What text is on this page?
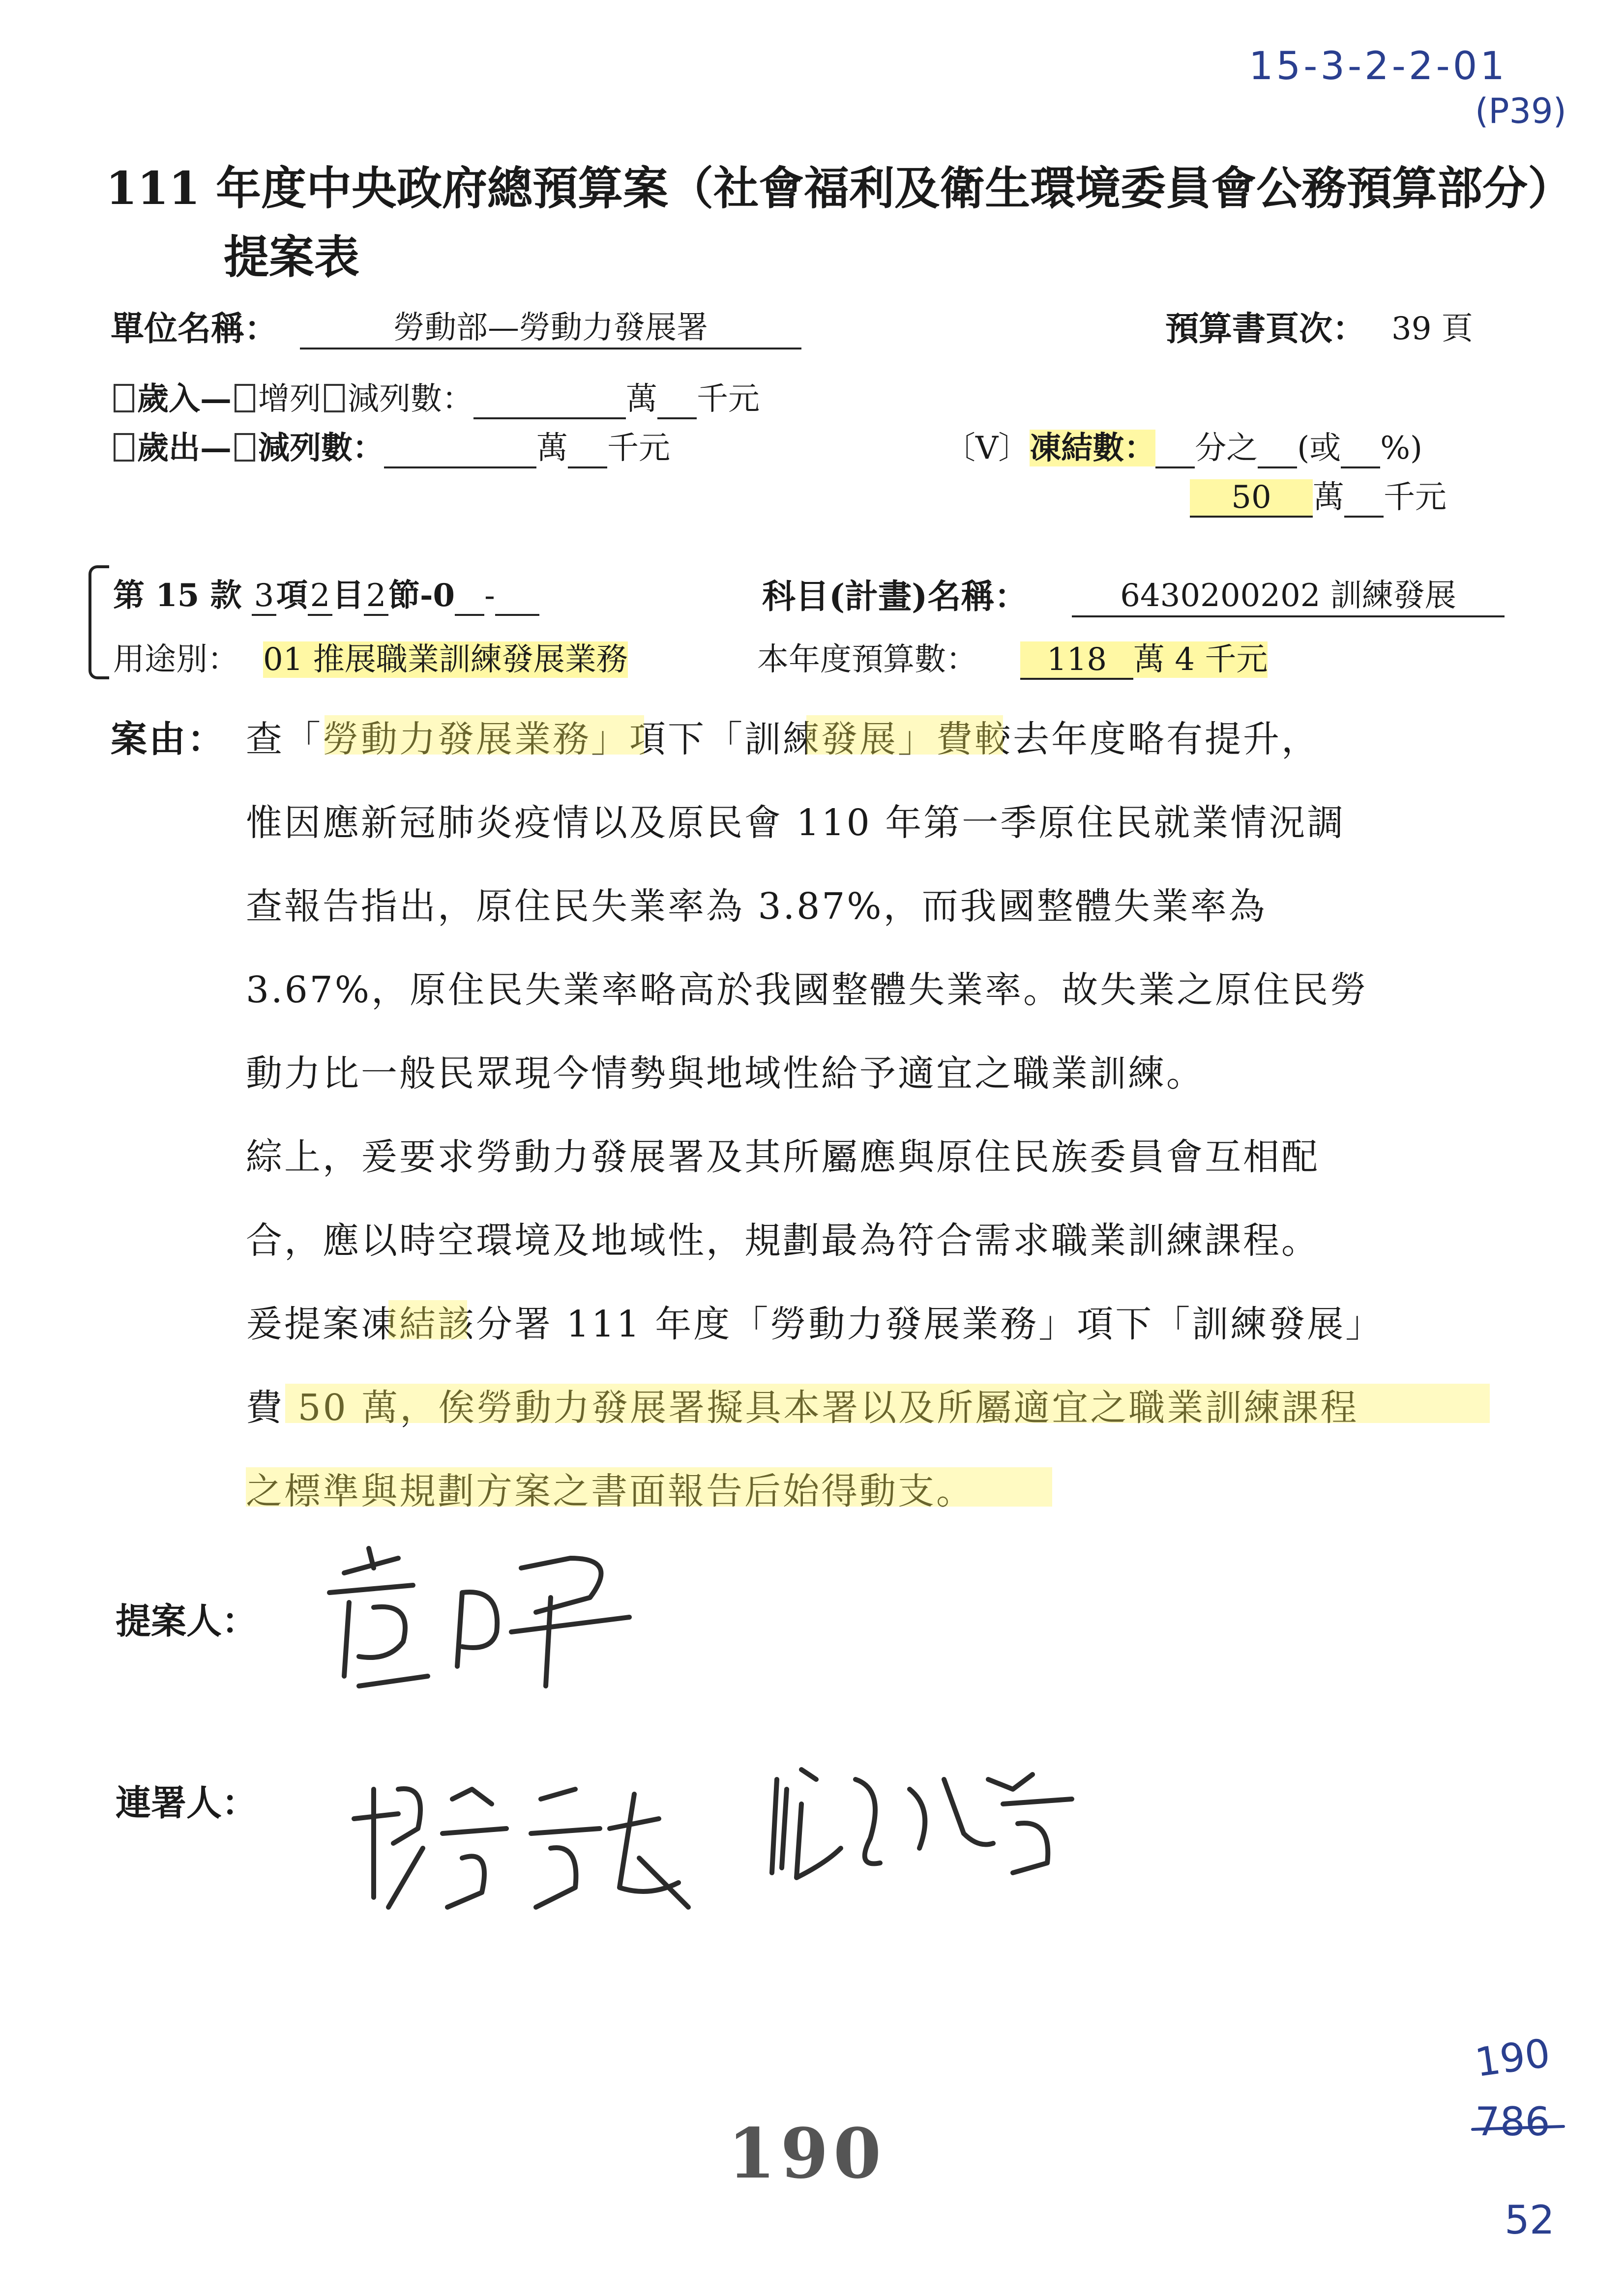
15-3-2-2-01
(P39)
111 年度中央政府總預算案（社會福利及衛生環境委員會公務預算部分）
提案表
單位名稱：	勞動部—勞動力發展署	預算書頁次： 39 頁
歲入— 增列 減列數：	萬 千元
歲出— 減列數：	萬 千元	〔V〕凍結數： 分之 (或 %)
50 萬 千元
第 15 款 3項2目2節-0 -	科目(計畫)名稱：	6430200202 訓練發展
用途別： 01 推展職業訓練發展業務	本年度預算數：	118 萬 4 千元
案由： 查「勞動力發展業務」項下「訓練發展」費較去年度略有提升，
惟因應新冠肺炎疫情以及原民會 110 年第一季原住民就業情況調
查報告指出，原住民失業率為 3.87%，而我國整體失業率為
3.67%，原住民失業率略高於我國整體失業率。故失業之原住民勞
動力比一般民眾現今情勢與地域性給予適宜之職業訓練。
綜上，爰要求勞動力發展署及其所屬應與原住民族委員會互相配
合，應以時空環境及地域性，規劃最為符合需求職業訓練課程。
爰提案凍結該分署 111 年度「勞動力發展業務」項下「訓練發展」
費 50 萬，俟勞動力發展署擬具本署以及所屬適宜之職業訓練課程
之標準與規劃方案之書面報告后始得動支。
提案人：
連署人：
190
190
786
52
